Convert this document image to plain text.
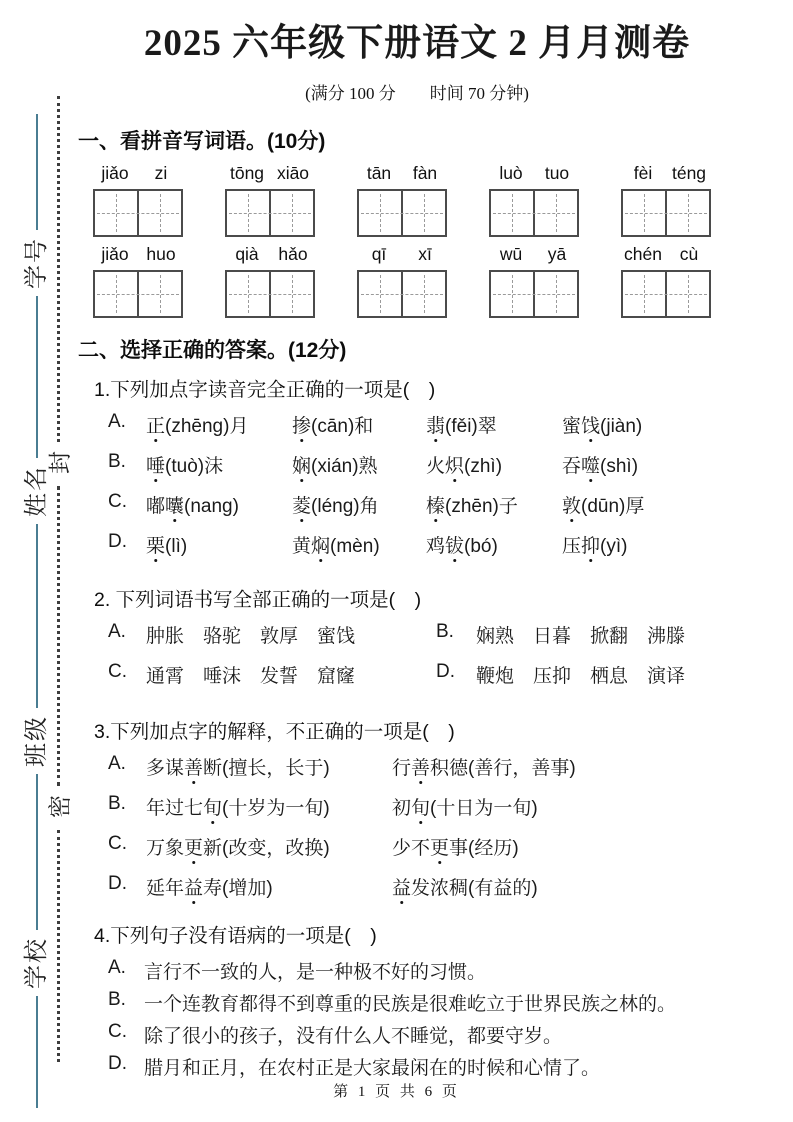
学校班级姓名学号
封
密
2025 六年级下册语文 2 月月测卷
(满分 100 分　　时间 70 分钟)
一、看拼音写词语。(10分)
jiǎo	zi	tōng xiāo	tān	fàn	luò	tuo	fèi	téng
jiǎo	huo	qià	hǎo	qī	xī	wū	yā	chén	cù
二、选择正确的答案。(12分)
1.下列加点字读音完全正确的一项是(　)
A.	正(zhēng)月	掺(cān)和	翡(fěi)翠	蜜饯(jiàn)
B.	唾(tuò)沫	娴(xián)熟	火炽(zhì)	吞噬(shì)
C.	嘟囔(nang)	菱(léng)角	榛(zhēn)子	敦(dūn)厚
D.	栗(lì)	黄焖(mèn)	鸡钹(bó)	压抑(yì)
2. 下列词语书写全部正确的一项是(　)
A.	肿胀　骆驼　敦厚　蜜饯	B.	娴熟　日暮　掀翻　沸滕
C.	通霄　唾沫　发誓　窟窿	D.	鞭炮　压抑　栖息　演译
3.下列加点字的解释，不正确的一项是(　)
A.	多谋善断(擅长，长于)	行善积德(善行，善事)
B.	年过七旬(十岁为一旬)	初旬(十日为一旬)
C.	万象更新(改变，改换)	少不更事(经历)
D.	延年益寿(增加)	益发浓稠(有益的)
4.下列句子没有语病的一项是(　)
A. 言行不一致的人，是一种极不好的习惯。
B. 一个连教育都得不到尊重的民族是很难屹立于世界民族之林的。
C. 除了很小的孩子，没有什么人不睡觉，都要守岁。
D. 腊月和正月，在农村正是大家最闲在的时候和心情了。
第 1 页 共 6 页
